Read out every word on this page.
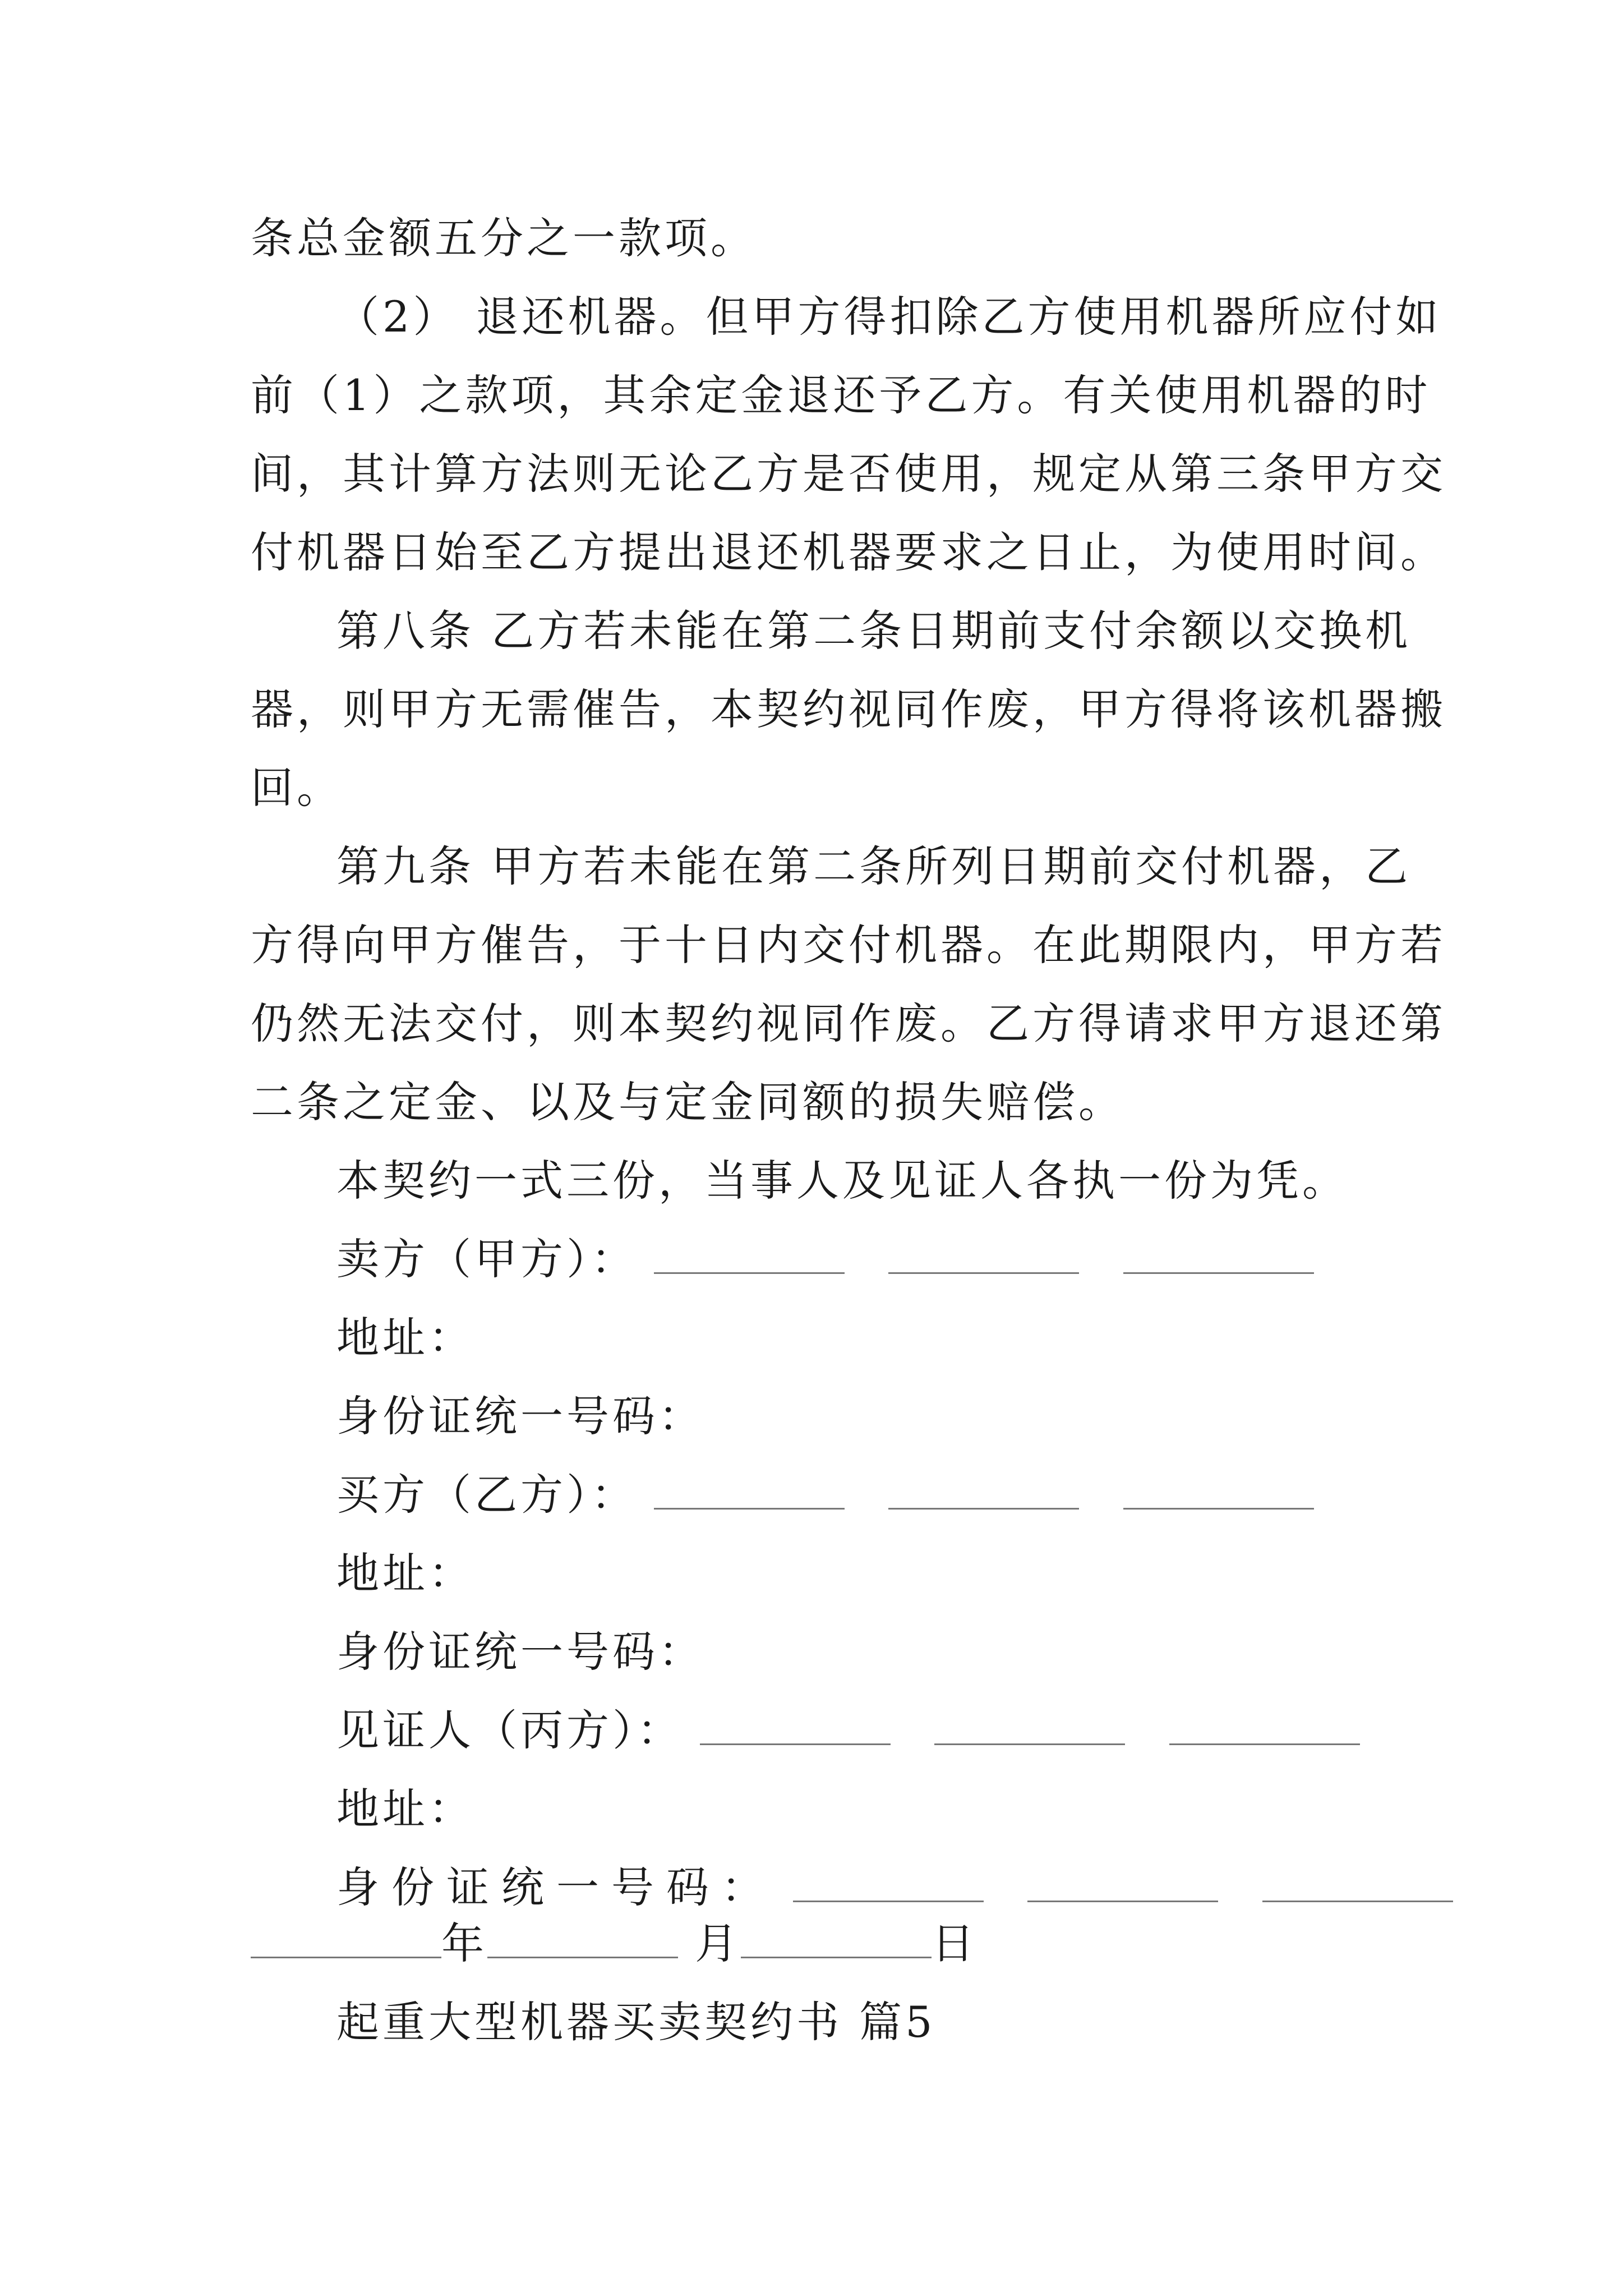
条总金额五分之一款项。
（2） 退还机器。但甲方得扣除乙方使用机器所应付如
前（1）之款项，其余定金退还予乙方。有关使用机器的时
间，其计算方法则无论乙方是否使用，规定从第三条甲方交
付机器日始至乙方提出退还机器要求之日止，为使用时间。
第八条 乙方若未能在第二条日期前支付余额以交换机
器，则甲方无需催告，本契约视同作废，甲方得将该机器搬
回。
第九条 甲方若未能在第二条所列日期前交付机器，乙
方得向甲方催告，于十日内交付机器。在此期限内，甲方若
仍然无法交付，则本契约视同作废。乙方得请求甲方退还第
二条之定金、以及与定金同额的损失赔偿。
本契约一式三份，当事人及见证人各执一份为凭。
卖方（甲方）：
地址：
身份证统一号码：
买方（乙方）：
地址：
身份证统一号码：
见证人（丙方）：
地址：
身份证统一号码：
年	月	日
起重大型机器买卖契约书 篇5
